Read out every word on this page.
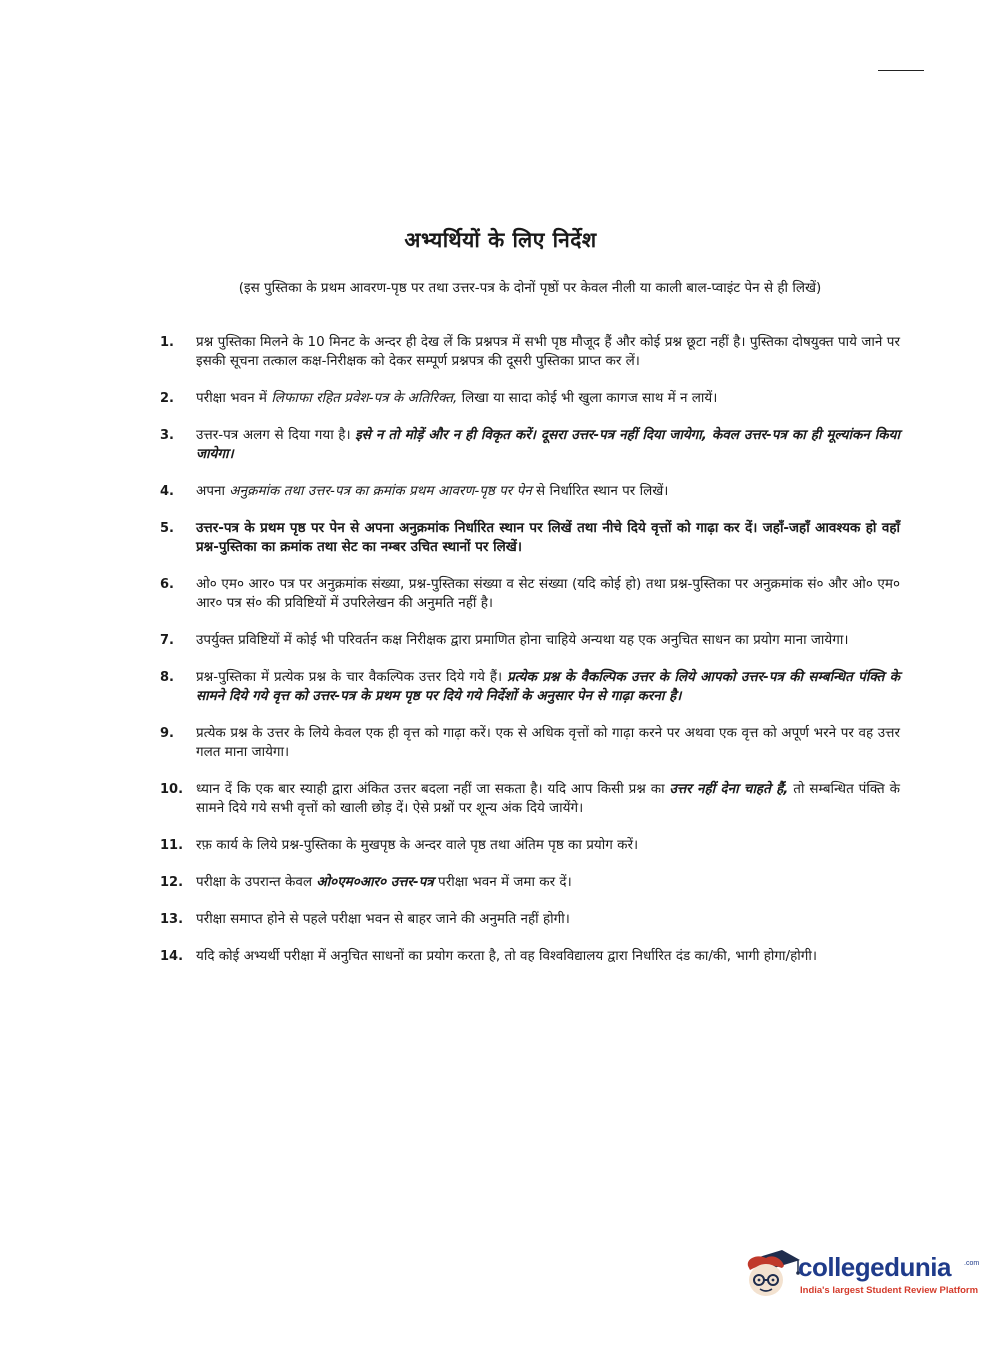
अभ्यर्थियों के लिए निर्देश
(इस पुस्तिका के प्रथम आवरण-पृष्ठ पर तथा उत्तर-पत्र के दोनों पृष्ठों पर केवल नीली या काली बाल-प्वाइंट पेन से ही लिखें)
1.	प्रश्न पुस्तिका मिलने के 10 मिनट के अन्दर ही देख लें कि प्रश्नपत्र में सभी पृष्ठ मौजूद हैं और कोई प्रश्न छूटा नहीं है। पुस्तिका दोषयुक्त पाये जाने पर इसकी सूचना तत्काल कक्ष-निरीक्षक को देकर सम्पूर्ण प्रश्नपत्र की दूसरी पुस्तिका प्राप्त कर लें।
2.	परीक्षा भवन में लिफाफा रहित प्रवेश-पत्र के अतिरिक्त, लिखा या सादा कोई भी खुला कागज साथ में न लायें।
3.	उत्तर-पत्र अलग से दिया गया है। इसे न तो मोड़ें और न ही विकृत करें। दूसरा उत्तर-पत्र नहीं दिया जायेगा, केवल उत्तर-पत्र का ही मूल्यांकन किया जायेगा।
4.	अपना अनुक्रमांक तथा उत्तर-पत्र का क्रमांक प्रथम आवरण-पृष्ठ पर पेन से निर्धारित स्थान पर लिखें।
5.	उत्तर-पत्र के प्रथम पृष्ठ पर पेन से अपना अनुक्रमांक निर्धारित स्थान पर लिखें तथा नीचे दिये वृत्तों को गाढ़ा कर दें। जहाँ-जहाँ आवश्यक हो वहाँ प्रश्न-पुस्तिका का क्रमांक तथा सेट का नम्बर उचित स्थानों पर लिखें।
6.	ओ० एम० आर० पत्र पर अनुक्रमांक संख्या, प्रश्न-पुस्तिका संख्या व सेट संख्या (यदि कोई हो) तथा प्रश्न-पुस्तिका पर अनुक्रमांक सं० और ओ० एम० आर० पत्र सं० की प्रविष्टियों में उपरिलेखन की अनुमति नहीं है।
7.	उपर्युक्त प्रविष्टियों में कोई भी परिवर्तन कक्ष निरीक्षक द्वारा प्रमाणित होना चाहिये अन्यथा यह एक अनुचित साधन का प्रयोग माना जायेगा।
8.	प्रश्न-पुस्तिका में प्रत्येक प्रश्न के चार वैकल्पिक उत्तर दिये गये हैं। प्रत्येक प्रश्न के वैकल्पिक उत्तर के लिये आपको उत्तर-पत्र की सम्बन्धित पंक्ति के सामने दिये गये वृत्त को उत्तर-पत्र के प्रथम पृष्ठ पर दिये गये निर्देशों के अनुसार पेन से गाढ़ा करना है।
9.	प्रत्येक प्रश्न के उत्तर के लिये केवल एक ही वृत्त को गाढ़ा करें। एक से अधिक वृत्तों को गाढ़ा करने पर अथवा एक वृत्त को अपूर्ण भरने पर वह उत्तर गलत माना जायेगा।
10. ध्यान दें कि एक बार स्याही द्वारा अंकित उत्तर बदला नहीं जा सकता है। यदि आप किसी प्रश्न का उत्तर नहीं देना चाहते हैं, तो सम्बन्धित पंक्ति के सामने दिये गये सभी वृत्तों को खाली छोड़ दें। ऐसे प्रश्नों पर शून्य अंक दिये जायेंगे।
11. रफ़ कार्य के लिये प्रश्न-पुस्तिका के मुखपृष्ठ के अन्दर वाले पृष्ठ तथा अंतिम पृष्ठ का प्रयोग करें।
12. परीक्षा के उपरान्त केवल ओ०एम०आर० उत्तर-पत्र परीक्षा भवन में जमा कर दें।
13. परीक्षा समाप्त होने से पहले परीक्षा भवन से बाहर जाने की अनुमति नहीं होगी।
14. यदि कोई अभ्यर्थी परीक्षा में अनुचित साधनों का प्रयोग करता है, तो वह विश्वविद्यालय द्वारा निर्धारित दंड का/की, भागी होगा/होगी।
collegedunia .com
India's largest Student Review Platform
